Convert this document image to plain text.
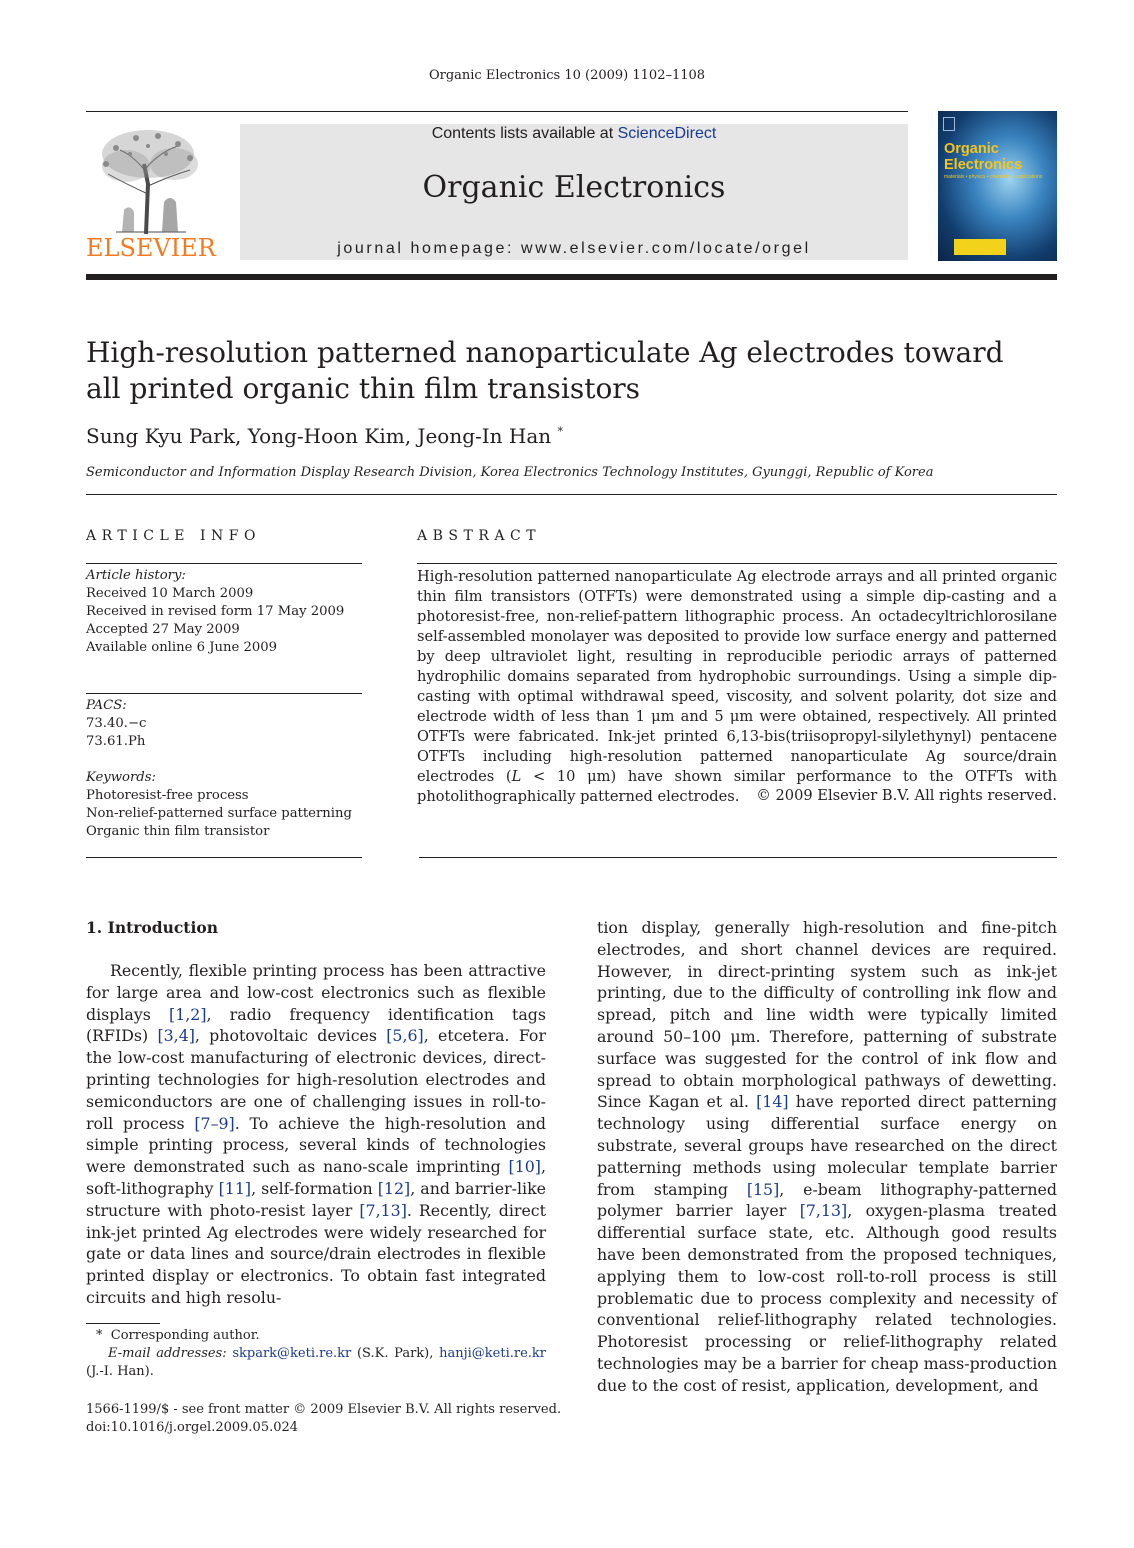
Organic Electronics 10 (2009) 1102–1108
ELSEVIER
Contents lists available at ScienceDirect
Organic Electronics
journal homepage: www.elsevier.com/locate/orgel
Organic
Electronics
materials • physics • chemistry • applications
High-resolution patterned nanoparticulate Ag electrodes toward all printed organic thin film transistors
Sung Kyu Park, Yong-Hoon Kim, Jeong-In Han *
Semiconductor and Information Display Research Division, Korea Electronics Technology Institutes, Gyunggi, Republic of Korea
ARTICLE INFO
Article history:
Received 10 March 2009
Received in revised form 17 May 2009
Accepted 27 May 2009
Available online 6 June 2009
PACS:
73.40.−c
73.61.Ph
Keywords:
Photoresist-free process
Non-relief-patterned surface patterning
Organic thin film transistor
ABSTRACT
High-resolution patterned nanoparticulate Ag electrode arrays and all printed organic thin film transistors (OTFTs) were demonstrated using a simple dip-casting and a photoresist-free, non-relief-pattern lithographic process. An octadecyltrichlorosilane self-assembled monolayer was deposited to provide low surface energy and patterned by deep ultraviolet light, resulting in reproducible periodic arrays of patterned hydrophilic domains separated from hydrophobic surroundings. Using a simple dip-casting with optimal withdrawal speed, viscosity, and solvent polarity, dot size and electrode width of less than 1 μm and 5 μm were obtained, respectively. All printed OTFTs were fabricated. Ink-jet printed 6,13-bis(triisopropyl-silylethynyl) pentacene OTFTs including high-resolution patterned nanoparticulate Ag source/drain electrodes (L < 10 μm) have shown similar performance to the OTFTs with photolithographically patterned electrodes.	© 2009 Elsevier B.V. All rights reserved.
1. Introduction
Recently, flexible printing process has been attractive for large area and low-cost electronics such as flexible displays [1,2], radio frequency identification tags (RFIDs) [3,4], photovoltaic devices [5,6], etcetera. For the low-cost manufacturing of electronic devices, direct-printing technologies for high-resolution electrodes and semiconductors are one of challenging issues in roll-to-roll process [7–9]. To achieve the high-resolution and simple printing process, several kinds of technologies were demonstrated such as nano-scale imprinting [10], soft-lithography [11], self-formation [12], and barrier-like structure with photo-resist layer [7,13]. Recently, direct ink-jet printed Ag electrodes were widely researched for gate or data lines and source/drain electrodes in flexible printed display or electronics. To obtain fast integrated circuits and high resolu-
tion display, generally high-resolution and fine-pitch electrodes, and short channel devices are required. However, in direct-printing system such as ink-jet printing, due to the difficulty of controlling ink flow and spread, pitch and line width were typically limited around 50–100 μm. Therefore, patterning of substrate surface was suggested for the control of ink flow and spread to obtain morphological pathways of dewetting. Since Kagan et al. [14] have reported direct patterning technology using differential surface energy on substrate, several groups have researched on the direct patterning methods using molecular template barrier from stamping [15], e-beam lithography-patterned polymer barrier layer [7,13], oxygen-plasma treated differential surface state, etc. Although good results have been demonstrated from the proposed techniques, applying them to low-cost roll-to-roll process is still problematic due to process complexity and necessity of conventional relief-lithography related technologies. Photoresist processing or relief-lithography related technologies may be a barrier for cheap mass-production due to the cost of resist, application, development, and
* Corresponding author.
E-mail addresses: skpark@keti.re.kr (S.K. Park), hanji@keti.re.kr (J.-I. Han).
1566-1199/$ - see front matter © 2009 Elsevier B.V. All rights reserved.
doi:10.1016/j.orgel.2009.05.024
